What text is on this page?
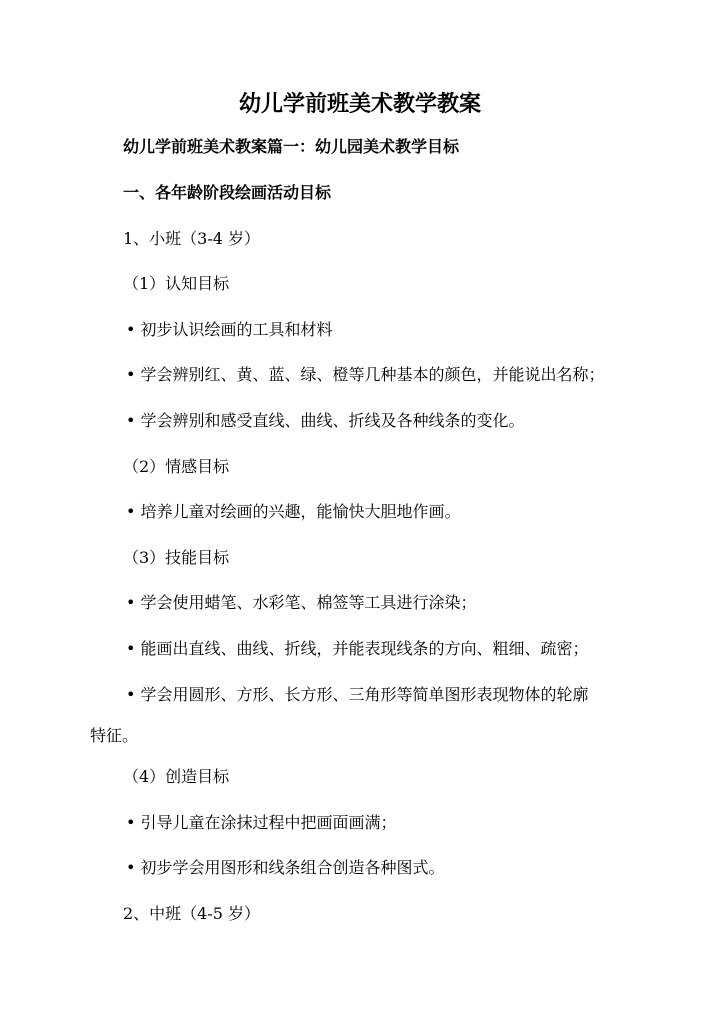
幼儿学前班美术教学教案
幼儿学前班美术教案篇一：幼儿园美术教学目标
一、各年龄阶段绘画活动目标
1、小班（3-4 岁）
（1）认知目标
• 初步认识绘画的工具和材料
• 学会辨别红、黄、蓝、绿、橙等几种基本的颜色，并能说出名称；
• 学会辨别和感受直线、曲线、折线及各种线条的变化。
（2）情感目标
• 培养儿童对绘画的兴趣，能愉快大胆地作画。
（3）技能目标
• 学会使用蜡笔、水彩笔、棉签等工具进行涂染；
• 能画出直线、曲线、折线，并能表现线条的方向、粗细、疏密；
• 学会用圆形、方形、长方形、三角形等简单图形表现物体的轮廓
特征。
（4）创造目标
• 引导儿童在涂抹过程中把画面画满；
• 初步学会用图形和线条组合创造各种图式。
2、中班（4-5 岁）
